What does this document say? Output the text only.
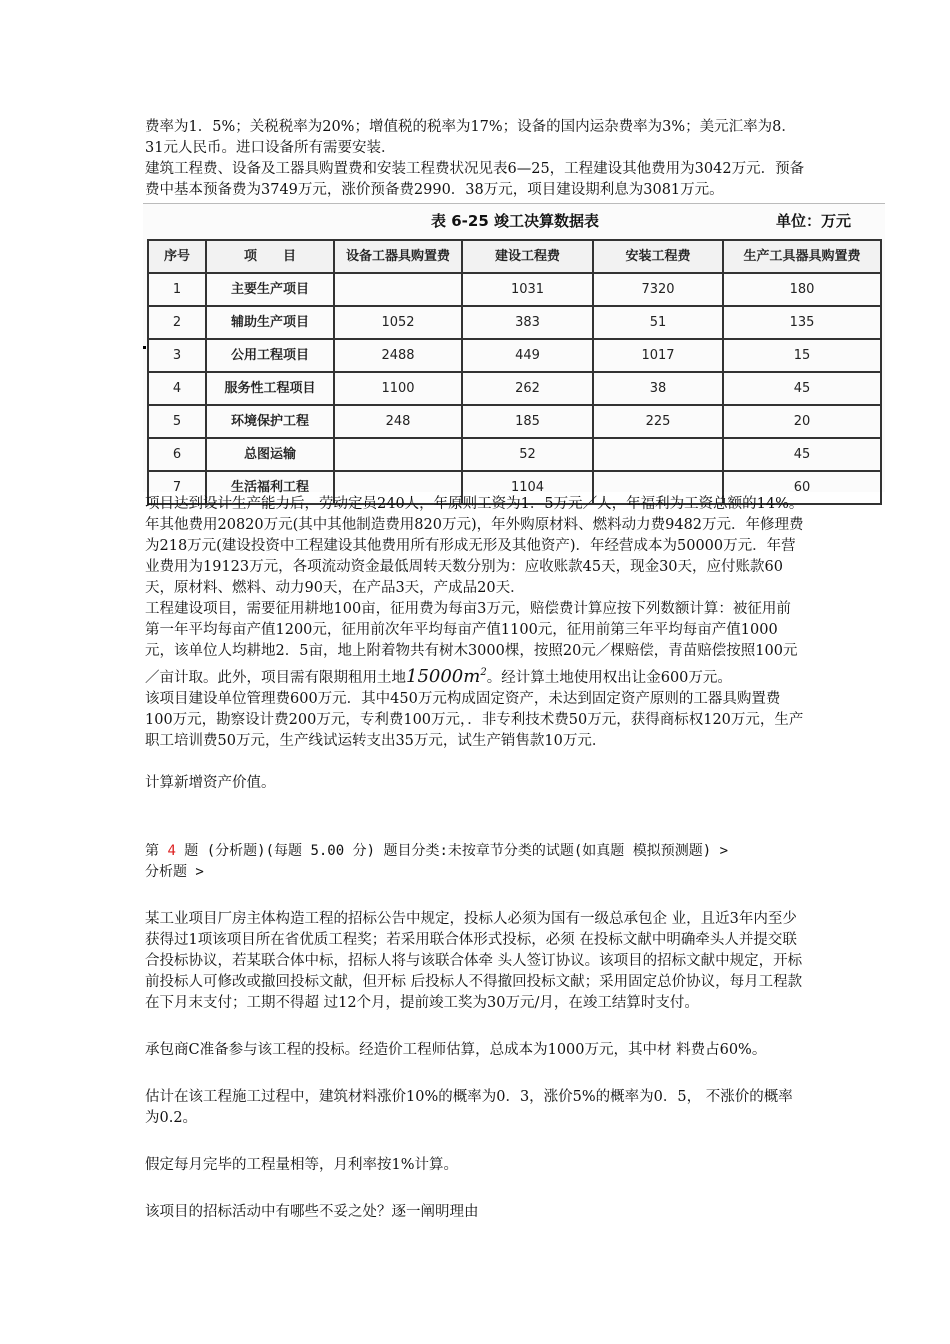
费率为1．5%；关税税率为20%；增值税的税率为17%；设备的国内运杂费率为3%；美元汇率为8．31元人民币。进口设备所有需要安装．

建筑工程费、设备及工器具购置费和安装工程费状况见表6—25，工程建设其他费用为3042万元．预备费中基本预备费为3749万元，涨价预备费2990．38万元，项目建设期利息为3081万元。

表 6-25 竣工决算数据表	单位：万元
序号	项　　目	设备工器具购置费	建设工程费	安装工程费	生产工具器具购置费
1	主要生产项目		1031	7320	180
2	辅助生产项目	1052	383	51	135
3	公用工程项目	2488	449	1017	15
4	服务性工程项目	1100	262	38	45
5	环境保护工程	248	185	225	20
6	总图运输		52		45
7	生活福利工程		1104		60

项目达到设计生产能力后，劳动定员240人，年原则工资为1．5万元／人，年福利为工资总额的14%。年其他费用20820万元(其中其他制造费用820万元)，年外购原材料、燃料动力费9482万元．年修理费为218万元(建设投资中工程建设其他费用所有形成无形及其他资产)．年经营成本为50000万元．年营业费用为19123万元，各项流动资金最低周转天数分别为：应收账款45天，现金30天，应付账款60天，原材料、燃料、动力90天，在产品3天，产成品20天．

工程建设项目，需要征用耕地100亩，征用费为每亩3万元，赔偿费计算应按下列数额计算：被征用前第一年平均每亩产值1200元，征用前次年平均每亩产值1100元，征用前第三年平均每亩产值1000元，该单位人均耕地2．5亩，地上附着物共有树木3000棵，按照20元／棵赔偿，青苗赔偿按照100元／亩计取。此外，项目需有限期租用土地$15000m^2$。经计算土地使用权出让金600万元。

该项目建设单位管理费600万元．其中450万元构成固定资产，未达到固定资产原则的工器具购置费100万元，勘察设计费200万元，专利费100万元，．非专利技术费50万元，获得商标权120万元，生产职工培训费50万元，生产线试运转支出35万元，试生产销售款10万元．

计算新增资产价值。

第 4 题 (分析题)(每题 5.00 分) 题目分类:未按章节分类的试题(如真题 模拟预测题) >

分析题 >

某工业项目厂房主体构造工程的招标公告中规定，投标人必须为国有一级总承包企 业，且近3年内至少获得过1项该项目所在省优质工程奖；若采用联合体形式投标，必须 在投标文献中明确牵头人并提交联合投标协议，若某联合体中标，招标人将与该联合体牵 头人签订协议。该项目的招标文献中规定，开标前投标人可修改或撤回投标文献，但开标 后投标人不得撤回投标文献；采用固定总价协议，每月工程款在下月末支付；工期不得超 过12个月，提前竣工奖为30万元/月，在竣工结算时支付。

承包商C准备参与该工程的投标。经造价工程师估算，总成本为1000万元，其中材 料费占60%。

估计在该工程施工过程中，建筑材料涨价10%的概率为0．3，涨价5%的概率为0．5， 不涨价的概率为0.2。

假定每月完毕的工程量相等，月利率按1%计算。

该项目的招标活动中有哪些不妥之处？逐一阐明理由
